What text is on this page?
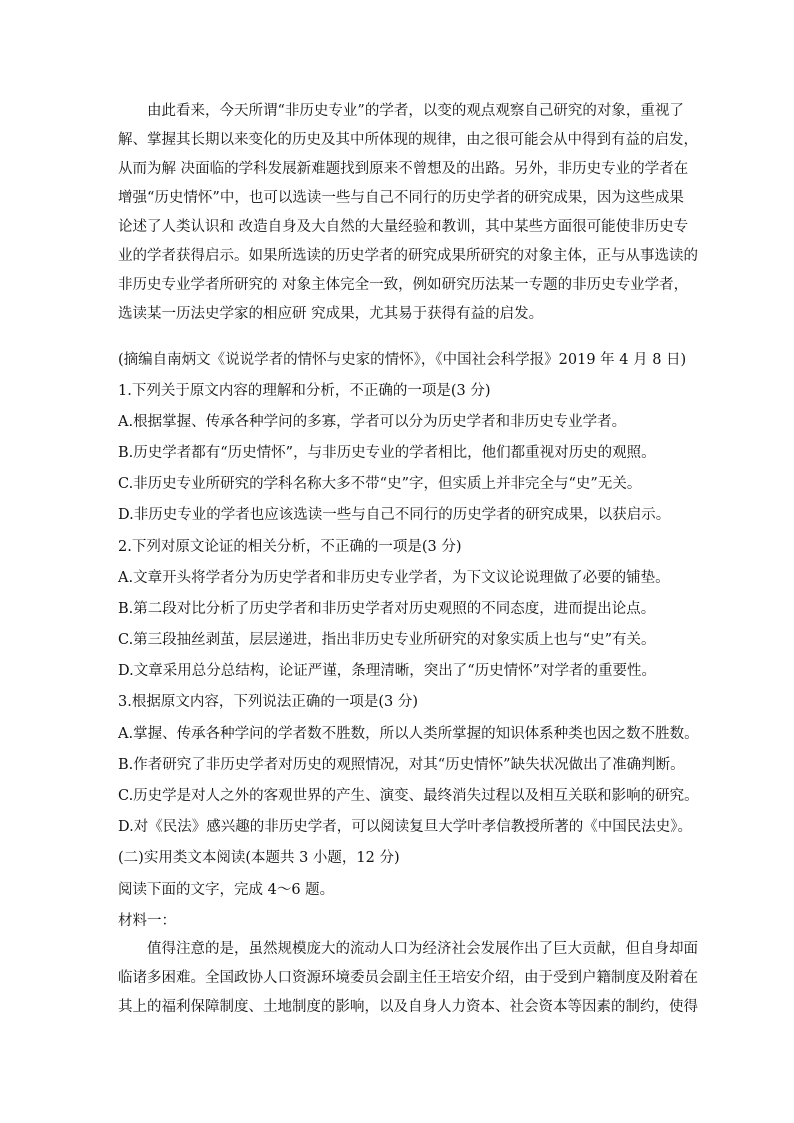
由此看来，今天所谓“非历史专业”的学者，以变的观点观察自己研究的对象，重视了
解、掌握其长期以来变化的历史及其中所体现的规律，由之很可能会从中得到有益的启发，
从而为解 决面临的学科发展新难题找到原来不曾想及的出路。另外，非历史专业的学者在
增强“历史情怀”中，也可以选读一些与自己不同行的历史学者的研究成果，因为这些成果
论述了人类认识和 改造自身及大自然的大量经验和教训，其中某些方面很可能使非历史专
业的学者获得启示。如果所选读的历史学者的研究成果所研究的对象主体，正与从事选读的
非历史专业学者所研究的 对象主体完全一致，例如研究历法某一专题的非历史专业学者，
选读某一历法史学家的相应研 究成果，尤其易于获得有益的启发。

(摘编自南炳文《说说学者的情怀与史家的情怀》，《中国社会科学报》2019 年 4 月 8 日)

1.下列关于原文内容的理解和分析，不正确的一项是(3 分)

A.根据掌握、传承各种学问的多寡，学者可以分为历史学者和非历史专业学者。

B.历史学者都有“历史情怀”，与非历史专业的学者相比，他们都重视对历史的观照。

C.非历史专业所研究的学科名称大多不带“史”字，但实质上并非完全与“史”无关。

D.非历史专业的学者也应该选读一些与自己不同行的历史学者的研究成果，以获启示。

2.下列对原文论证的相关分析，不正确的一项是(3 分)

A.文章开头将学者分为历史学者和非历史专业学者，为下文议论说理做了必要的铺垫。

B.第二段对比分析了历史学者和非历史学者对历史观照的不同态度，进而提出论点。

C.第三段抽丝剥茧，层层递进，指出非历史专业所研究的对象实质上也与“史”有关。

D.文章采用总分总结构，论证严谨，条理清晰，突出了“历史情怀”对学者的重要性。

3.根据原文内容，下列说法正确的一项是(3 分)

A.掌握、传承各种学问的学者数不胜数，所以人类所掌握的知识体系种类也因之数不胜数。

B.作者研究了非历史学者对历史的观照情况，对其“历史情怀”缺失状况做出了准确判断。

C.历史学是对人之外的客观世界的产生、演变、最终消失过程以及相互关联和影响的研究。

D.对《民法》感兴趣的非历史学者，可以阅读复旦大学叶孝信教授所著的《中国民法史》。

(二)实用类文本阅读(本题共 3 小题，12 分)

阅读下面的文字，完成 4～6 题。

材料一：

值得注意的是，虽然规模庞大的流动人口为经济社会发展作出了巨大贡献，但自身却面
临诸多困难。全国政协人口资源环境委员会副主任王培安介绍，由于受到户籍制度及附着在
其上的福利保障制度、土地制度的影响，以及自身人力资本、社会资本等因素的制约，使得
